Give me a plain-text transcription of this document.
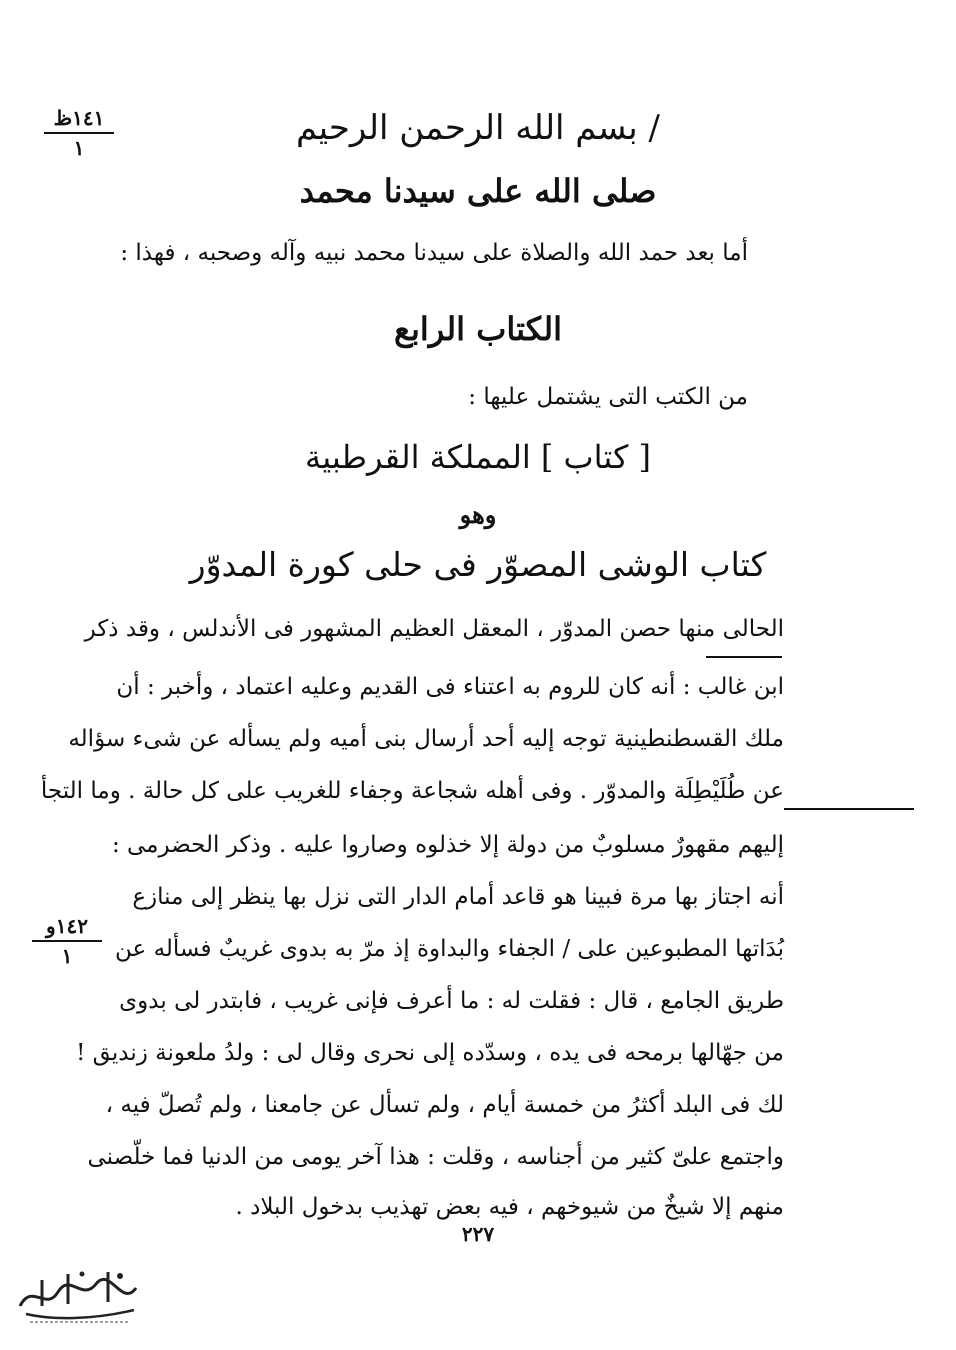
/ بسم الله الرحمن الرحيم
١٤١ظ
١
صلى الله على سيدنا محمد
أما بعد حمد الله والصلاة على سيدنا محمد نبيه وآله وصحبه ، فهذا :
الكتاب الرابع
من الكتب التى يشتمل عليها :
[ كتاب ] المملكة القرطبية
وهو
كتاب الوشى المصوّر فى حلى كورة المدوّر
الحالى منها حصن المدوّر ، المعقل العظيم المشهور فى الأندلس ، وقد ذكر
ابن غالب : أنه كان للروم به اعتناء فى القديم وعليه اعتماد ، وأخبر : أن
ملك القسطنطينية توجه إليه أحد أرسال بنى أميه ولم يسأله عن شىء سؤاله
عن طُلَيْطِلَة والمدوّر . وفى أهله شجاعة وجفاء للغريب على كل حالة . وما التجأ
إليهم مقهورٌ مسلوبٌ من دولة إلا خذلوه وصاروا عليه . وذكر الحضرمى :
أنه اجتاز بها مرة فبينا هو قاعد أمام الدار التى نزل بها ينظر إلى منازع
١٤٢و
١	بُدَاتها المطبوعين على / الجفاء والبداوة إذ مرّ به بدوى غريبٌ فسأله عن
طريق الجامع ، قال : فقلت له : ما أعرف فإنى غريب ، فابتدر لى بدوى
من جهّالها برمحه فى يده ، وسدّده إلى نحرى وقال لى : ولدُ ملعونة زنديق !
لك فى البلد أكثرُ من خمسة أيام ، ولم تسأل عن جامعنا ، ولم تُصلّ فيه ،
واجتمع علىّ كثير من أجناسه ، وقلت : هذا آخر يومى من الدنيا فما خلّصنى
منهم إلا شيخٌ من شيوخهم ، فيه بعض تهذيب بدخول البلاد .
٢٢٧
